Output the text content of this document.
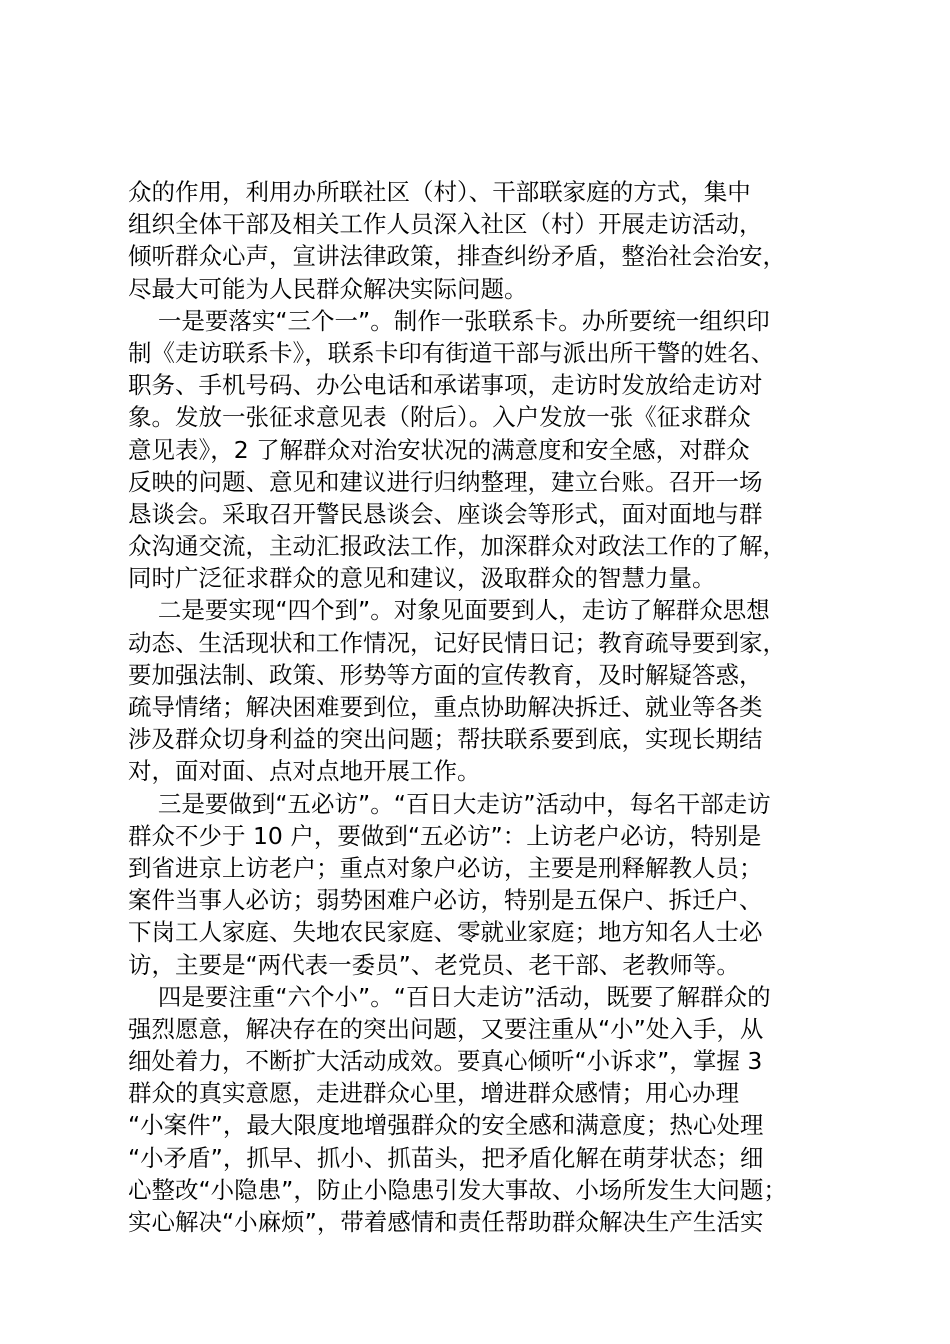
众的作用，利用办所联社区（村）、干部联家庭的方式，集中
组织全体干部及相关工作人员深入社区（村）开展走访活动，
倾听群众心声，宣讲法律政策，排查纠纷矛盾，整治社会治安，
尽最大可能为人民群众解决实际问题。
一是要落实“三个一”。制作一张联系卡。办所要统一组织印
制《走访联系卡》，联系卡印有街道干部与派出所干警的姓名、
职务、手机号码、办公电话和承诺事项，走访时发放给走访对
象。发放一张征求意见表（附后）。入户发放一张《征求群众
意见表》，2 了解群众对治安状况的满意度和安全感，对群众
反映的问题、意见和建议进行归纳整理，建立台账。召开一场
恳谈会。采取召开警民恳谈会、座谈会等形式，面对面地与群
众沟通交流，主动汇报政法工作，加深群众对政法工作的了解，
同时广泛征求群众的意见和建议，汲取群众的智慧力量。
二是要实现“四个到”。对象见面要到人，走访了解群众思想
动态、生活现状和工作情况，记好民情日记；教育疏导要到家，
要加强法制、政策、形势等方面的宣传教育，及时解疑答惑，
疏导情绪；解决困难要到位，重点协助解决拆迁、就业等各类
涉及群众切身利益的突出问题；帮扶联系要到底，实现长期结
对，面对面、点对点地开展工作。
三是要做到“五必访”。“百日大走访”活动中，每名干部走访
群众不少于 10 户，要做到“五必访”：上访老户必访，特别是
到省进京上访老户；重点对象户必访，主要是刑释解教人员；
案件当事人必访；弱势困难户必访，特别是五保户、拆迁户、
下岗工人家庭、失地农民家庭、零就业家庭；地方知名人士必
访，主要是“两代表一委员”、老党员、老干部、老教师等。
四是要注重“六个小”。“百日大走访”活动，既要了解群众的
强烈愿意，解决存在的突出问题，又要注重从“小”处入手，从
细处着力，不断扩大活动成效。要真心倾听“小诉求”，掌握 3
群众的真实意愿，走进群众心里，增进群众感情；用心办理
“小案件”，最大限度地增强群众的安全感和满意度；热心处理
“小矛盾”，抓早、抓小、抓苗头，把矛盾化解在萌芽状态；细
心整改“小隐患”，防止小隐患引发大事故、小场所发生大问题；
实心解决“小麻烦”，带着感情和责任帮助群众解决生产生活实
